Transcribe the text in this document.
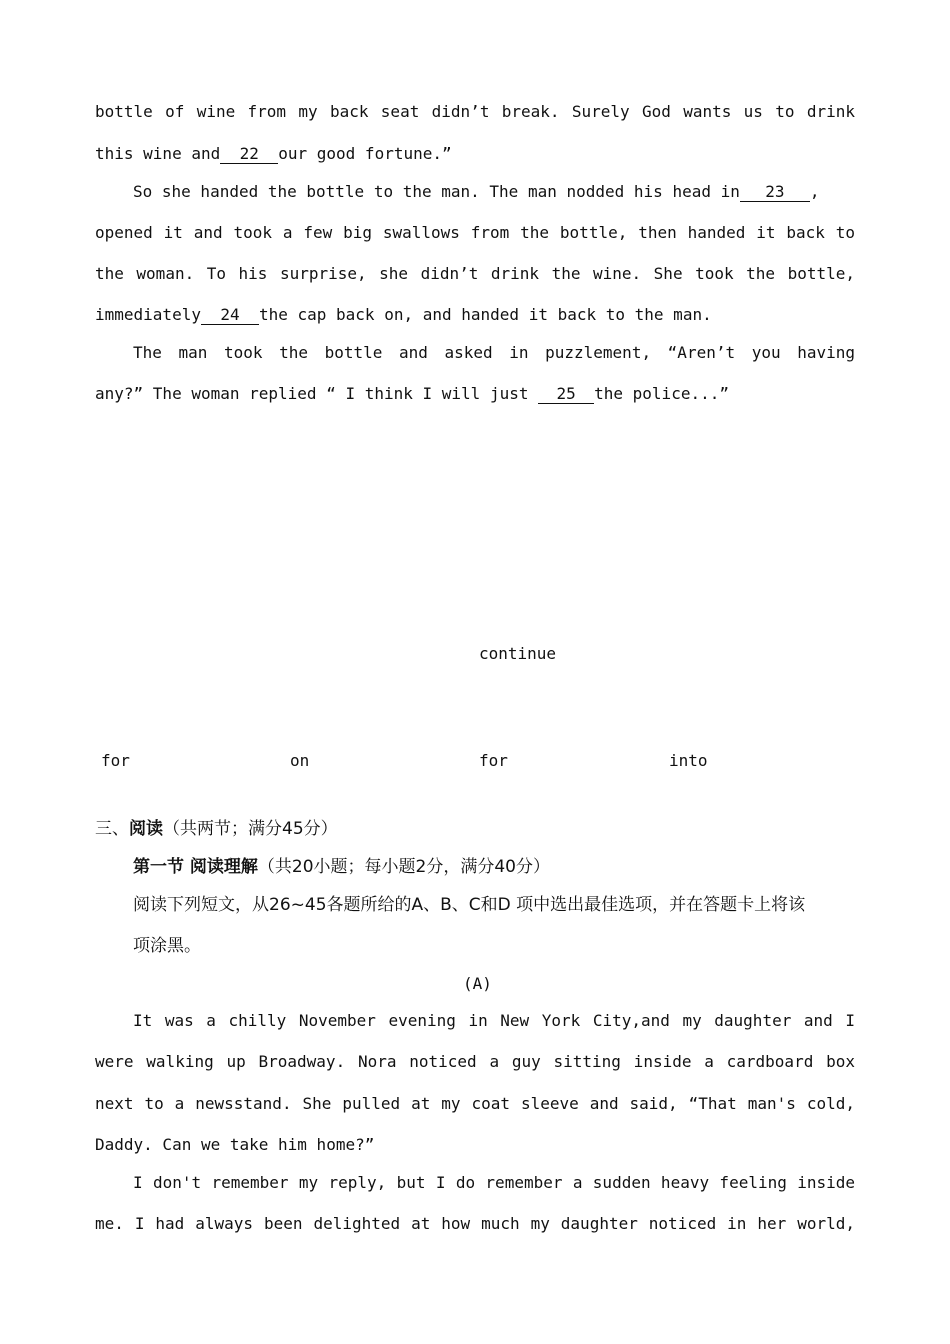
bottle of wine from my back seat didn’t break. Surely God wants us to drink
this wine and 22 our good fortune.”
So she handed the bottle to the man. The man nodded his head in 23 ,
opened it and took a few big swallows from the bottle, then handed it back to
the woman. To his surprise, she didn’t drink the wine. She took the bottle,
immediately 24 the cap back on, and handed it back to the man.
The man took the bottle and asked in puzzlement, “Aren’t you having
any?” The woman replied “ I think I will just 25 the police...”
continue
for	on	for	into
三、阅读（共两节；满分45分）
第一节 阅读理解（共20小题；每小题2分，满分40分）
阅读下列短文，从26~45各题所给的A、B、C和D 项中选出最佳选项，并在答题卡上将该
项涂黑。
(A)
It was a chilly November evening in New York City,and my daughter and I
were walking up Broadway. Nora noticed a guy sitting inside a cardboard box
next to a newsstand. She pulled at my coat sleeve and said, “That man's cold,
Daddy. Can we take him home?”
I don't remember my reply, but I do remember a sudden heavy feeling inside
me. I had always been delighted at how much my daughter noticed in her world,
